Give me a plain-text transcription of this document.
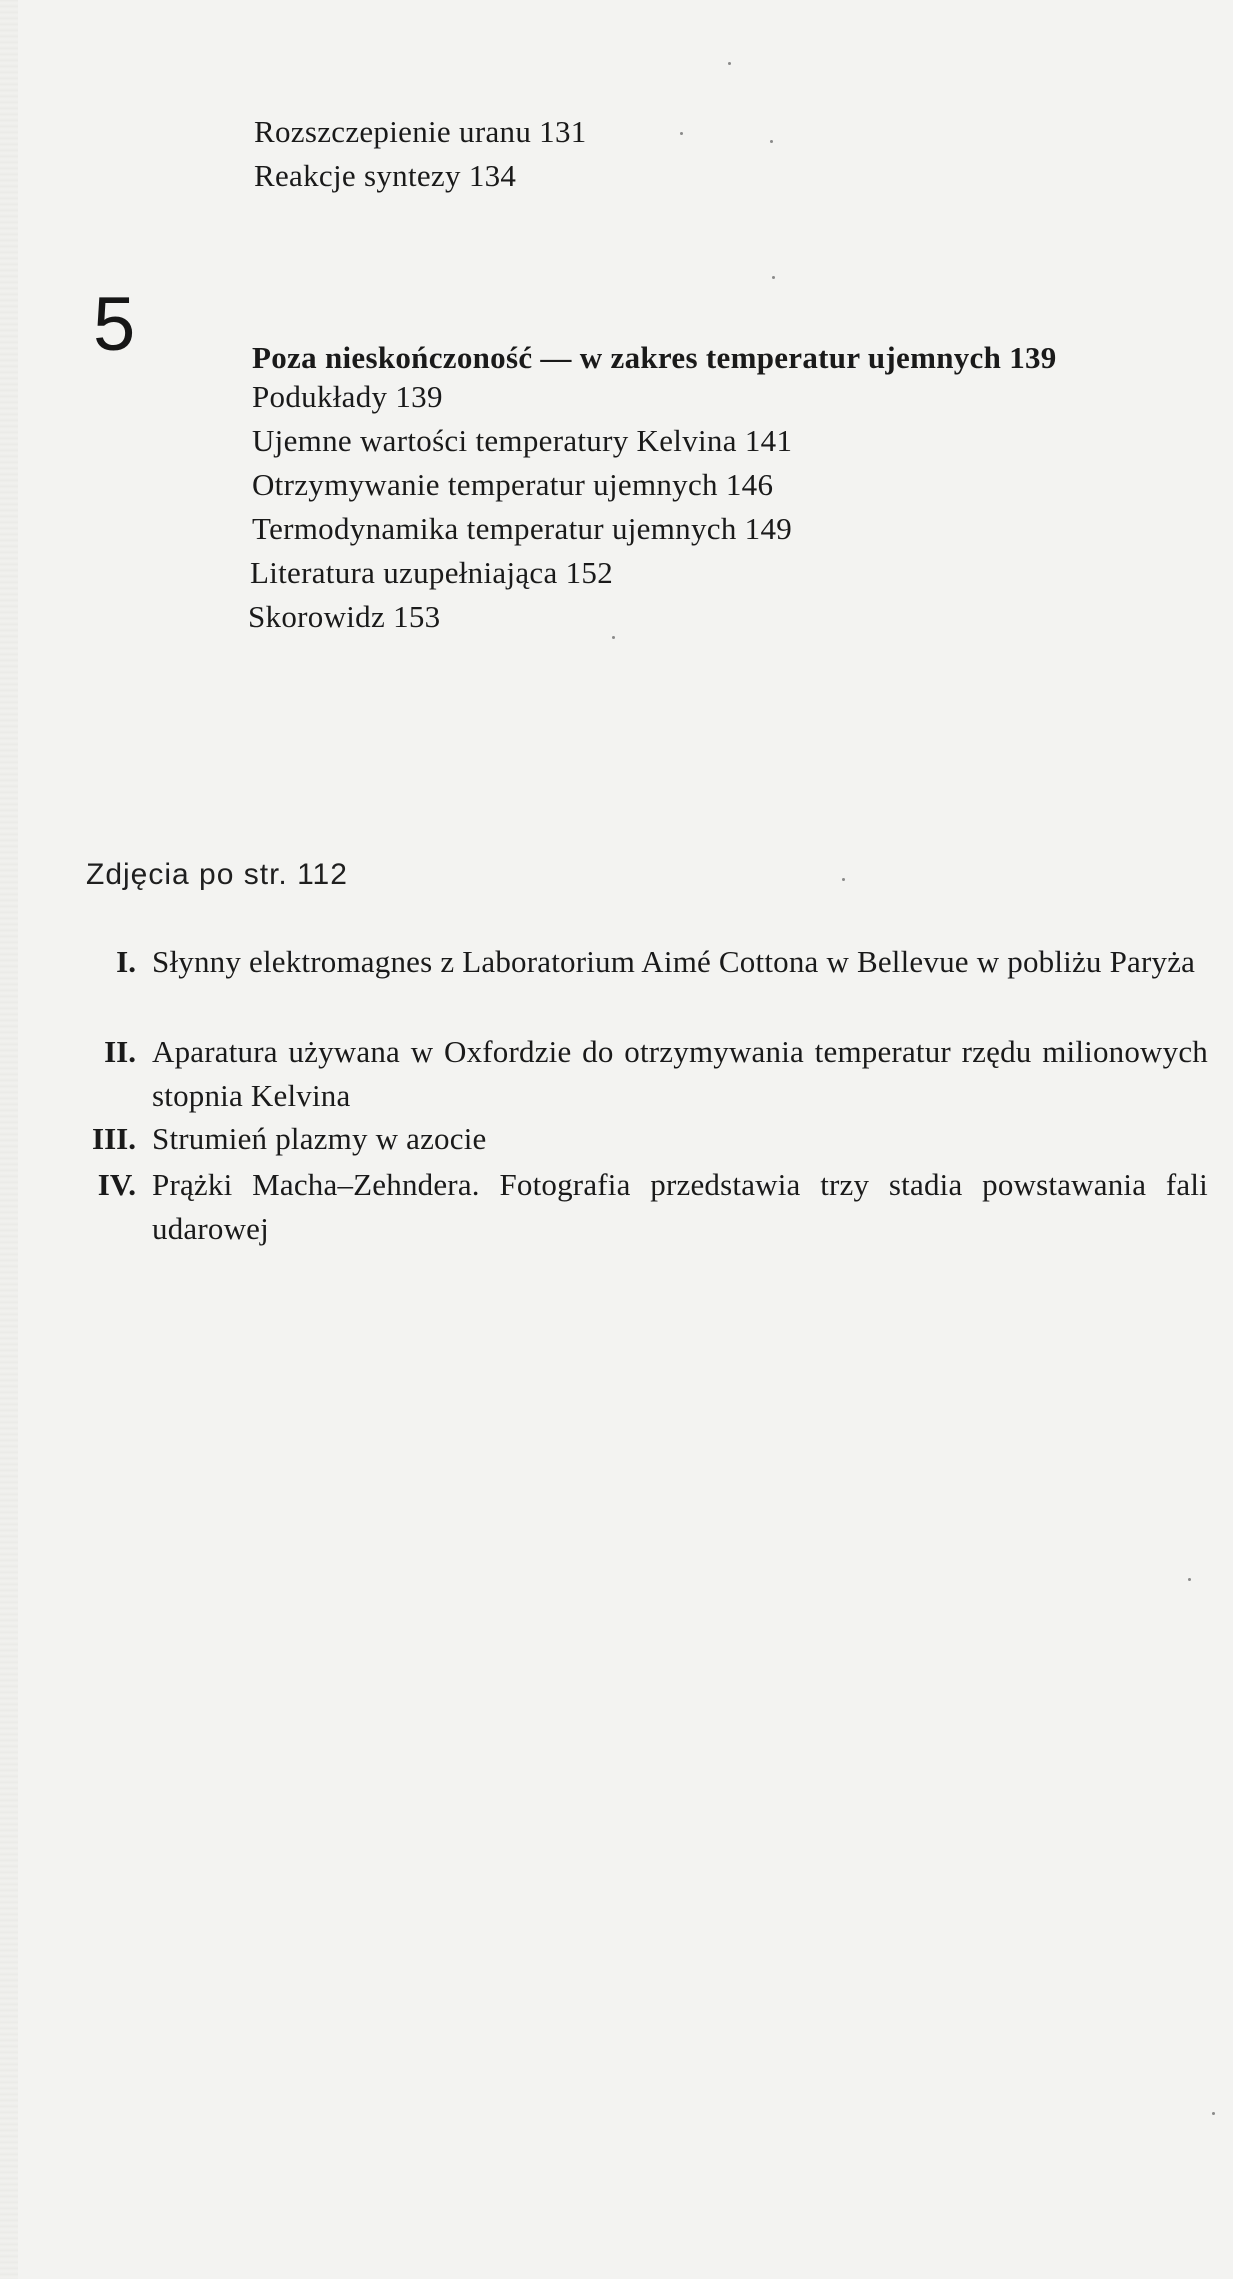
Rozszczepienie uranu 131
Reakcje syntezy 134
5	Poza nieskończoność — w zakres temperatur ujemnych 139
Podukłady 139
Ujemne wartości temperatury Kelvina 141
Otrzymywanie temperatur ujemnych 146
Termodynamika temperatur ujemnych 149
Literatura uzupełniająca 152
Skorowidz 153
Zdjęcia po str. 112
I. Słynny elektromagnes z Laboratorium Aimé Cottona w Bellevue w pobliżu Paryża
II. Aparatura używana w Oxfordzie do otrzymywania temperatur rzędu milionowych stopnia Kelvina
III. Strumień plazmy w azocie
IV. Prążki Macha–Zehndera. Fotografia przedstawia trzy stadia powstawania fali udarowej
